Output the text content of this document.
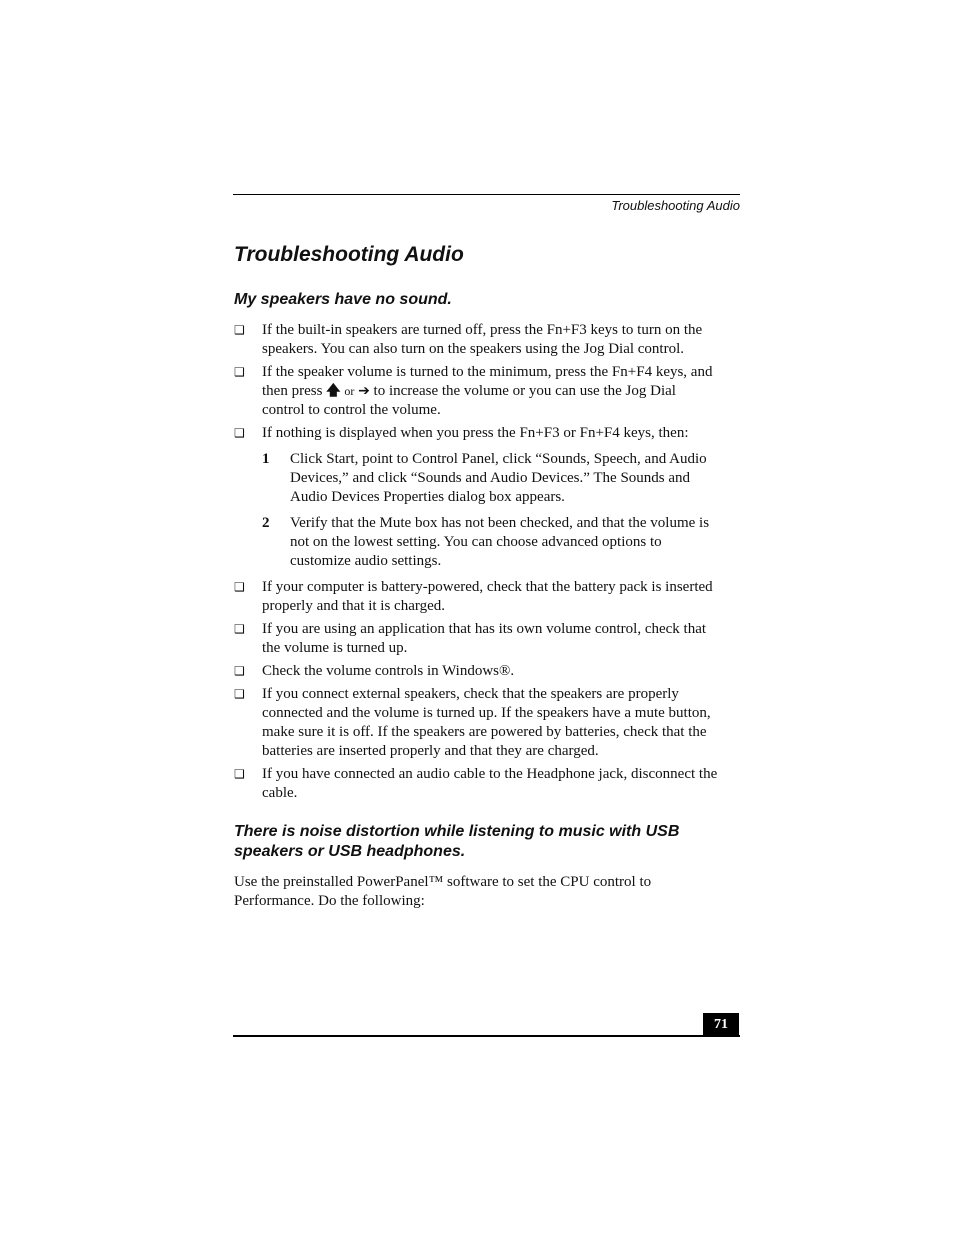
Troubleshooting Audio
Troubleshooting Audio
My speakers have no sound.
❑ If the built-in speakers are turned off, press the Fn+F3 keys to turn on the
speakers. You can also turn on the speakers using the Jog Dial control.
❑ If the speaker volume is turned to the minimum, press the Fn+F4 keys, and
then press 🡅 or ➔ to increase the volume or you can use the Jog Dial
control to control the volume.
❑ If nothing is displayed when you press the Fn+F3 or Fn+F4 keys, then:
1 Click Start, point to Control Panel, click “Sounds, Speech, and Audio
Devices,” and click “Sounds and Audio Devices.” The Sounds and
Audio Devices Properties dialog box appears.
2 Verify that the Mute box has not been checked, and that the volume is
not on the lowest setting. You can choose advanced options to
customize audio settings.
❑ If your computer is battery-powered, check that the battery pack is inserted
properly and that it is charged.
❑ If you are using an application that has its own volume control, check that
the volume is turned up.
❑ Check the volume controls in Windows®.
❑ If you connect external speakers, check that the speakers are properly
connected and the volume is turned up. If the speakers have a mute button,
make sure it is off. If the speakers are powered by batteries, check that the
batteries are inserted properly and that they are charged.
❑ If you have connected an audio cable to the Headphone jack, disconnect the
cable.
There is noise distortion while listening to music with USB
speakers or USB headphones.
Use the preinstalled PowerPanel™ software to set the CPU control to
Performance. Do the following:
71
